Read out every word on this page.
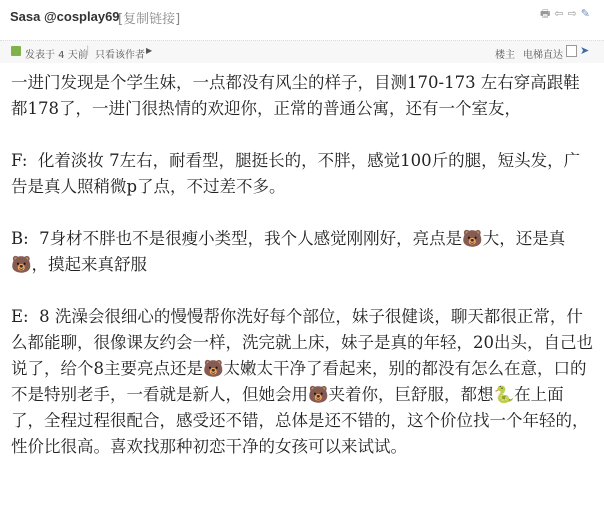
Sasa @cosplay69
[复制链接]	🖶 ⇦ ⇨ ✎
发表于 4 天前
| 只看该作者 ▶	楼主 电梯直达 ➤

一进门发现是个学生妹，一点都没有风尘的样子，目测170-173 左右穿高跟鞋都178了，一进门很热情的欢迎你，正常的普通公寓，还有一个室友，

F:  化着淡妆 7左右，耐看型，腿挺长的，不胖，感觉100斤的腿，短头发，广告是真人照稍微p了点，不过差不多。

B:  7身材不胖也不是很瘦小类型，我个人感觉刚刚好，亮点是🐻大，还是真🐻，摸起来真舒服

E:  8 洗澡会很细心的慢慢帮你洗好每个部位，妹子很健谈，聊天都很正常，什么都能聊，很像课友约会一样，洗完就上床，妹子是真的年轻，20出头，自己也说了，给个8主要亮点还是🐻太嫩太干净了看起来，别的都没有怎么在意，口的不是特别老手，一看就是新人，但她会用🐻夹着你，巨舒服，都想🐍在上面了，全程过程很配合，感受还不错，总体是还不错的，这个价位找一个年轻的，性价比很高。喜欢找那种初恋干净的女孩可以来试试。
